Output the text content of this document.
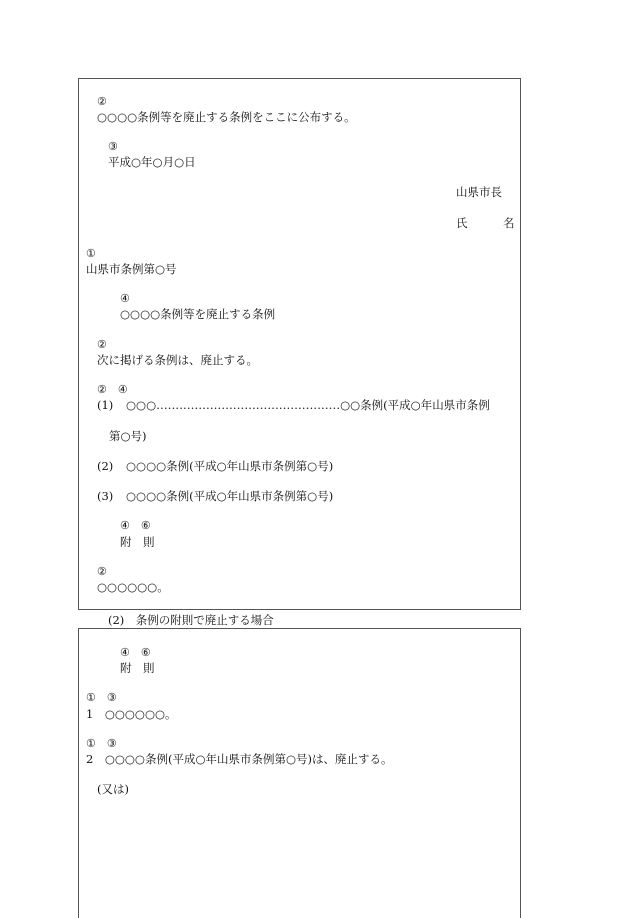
②
○○○○条例等を廃止する条例をここに公布する。
③
平成○年○月○日
山県市長
氏	名
①
山県市条例第○号
④
○○○○条例等を廃止する条例
②
次に掲げる条例は、廃止する。
②　④
(1) ○○○…………………………………………○○条例(平成○年山県市条例
第○号)
(2) ○○○○条例(平成○年山県市条例第○号)
(3) ○○○○条例(平成○年山県市条例第○号)
④　⑥
附　則
②
○○○○○○。
(2)　条例の附則で廃止する場合
④　⑥
附　則
①　③
1　○○○○○○。
①　③
2　○○○○条例(平成○年山県市条例第○号)は、廃止する。
(又は)
